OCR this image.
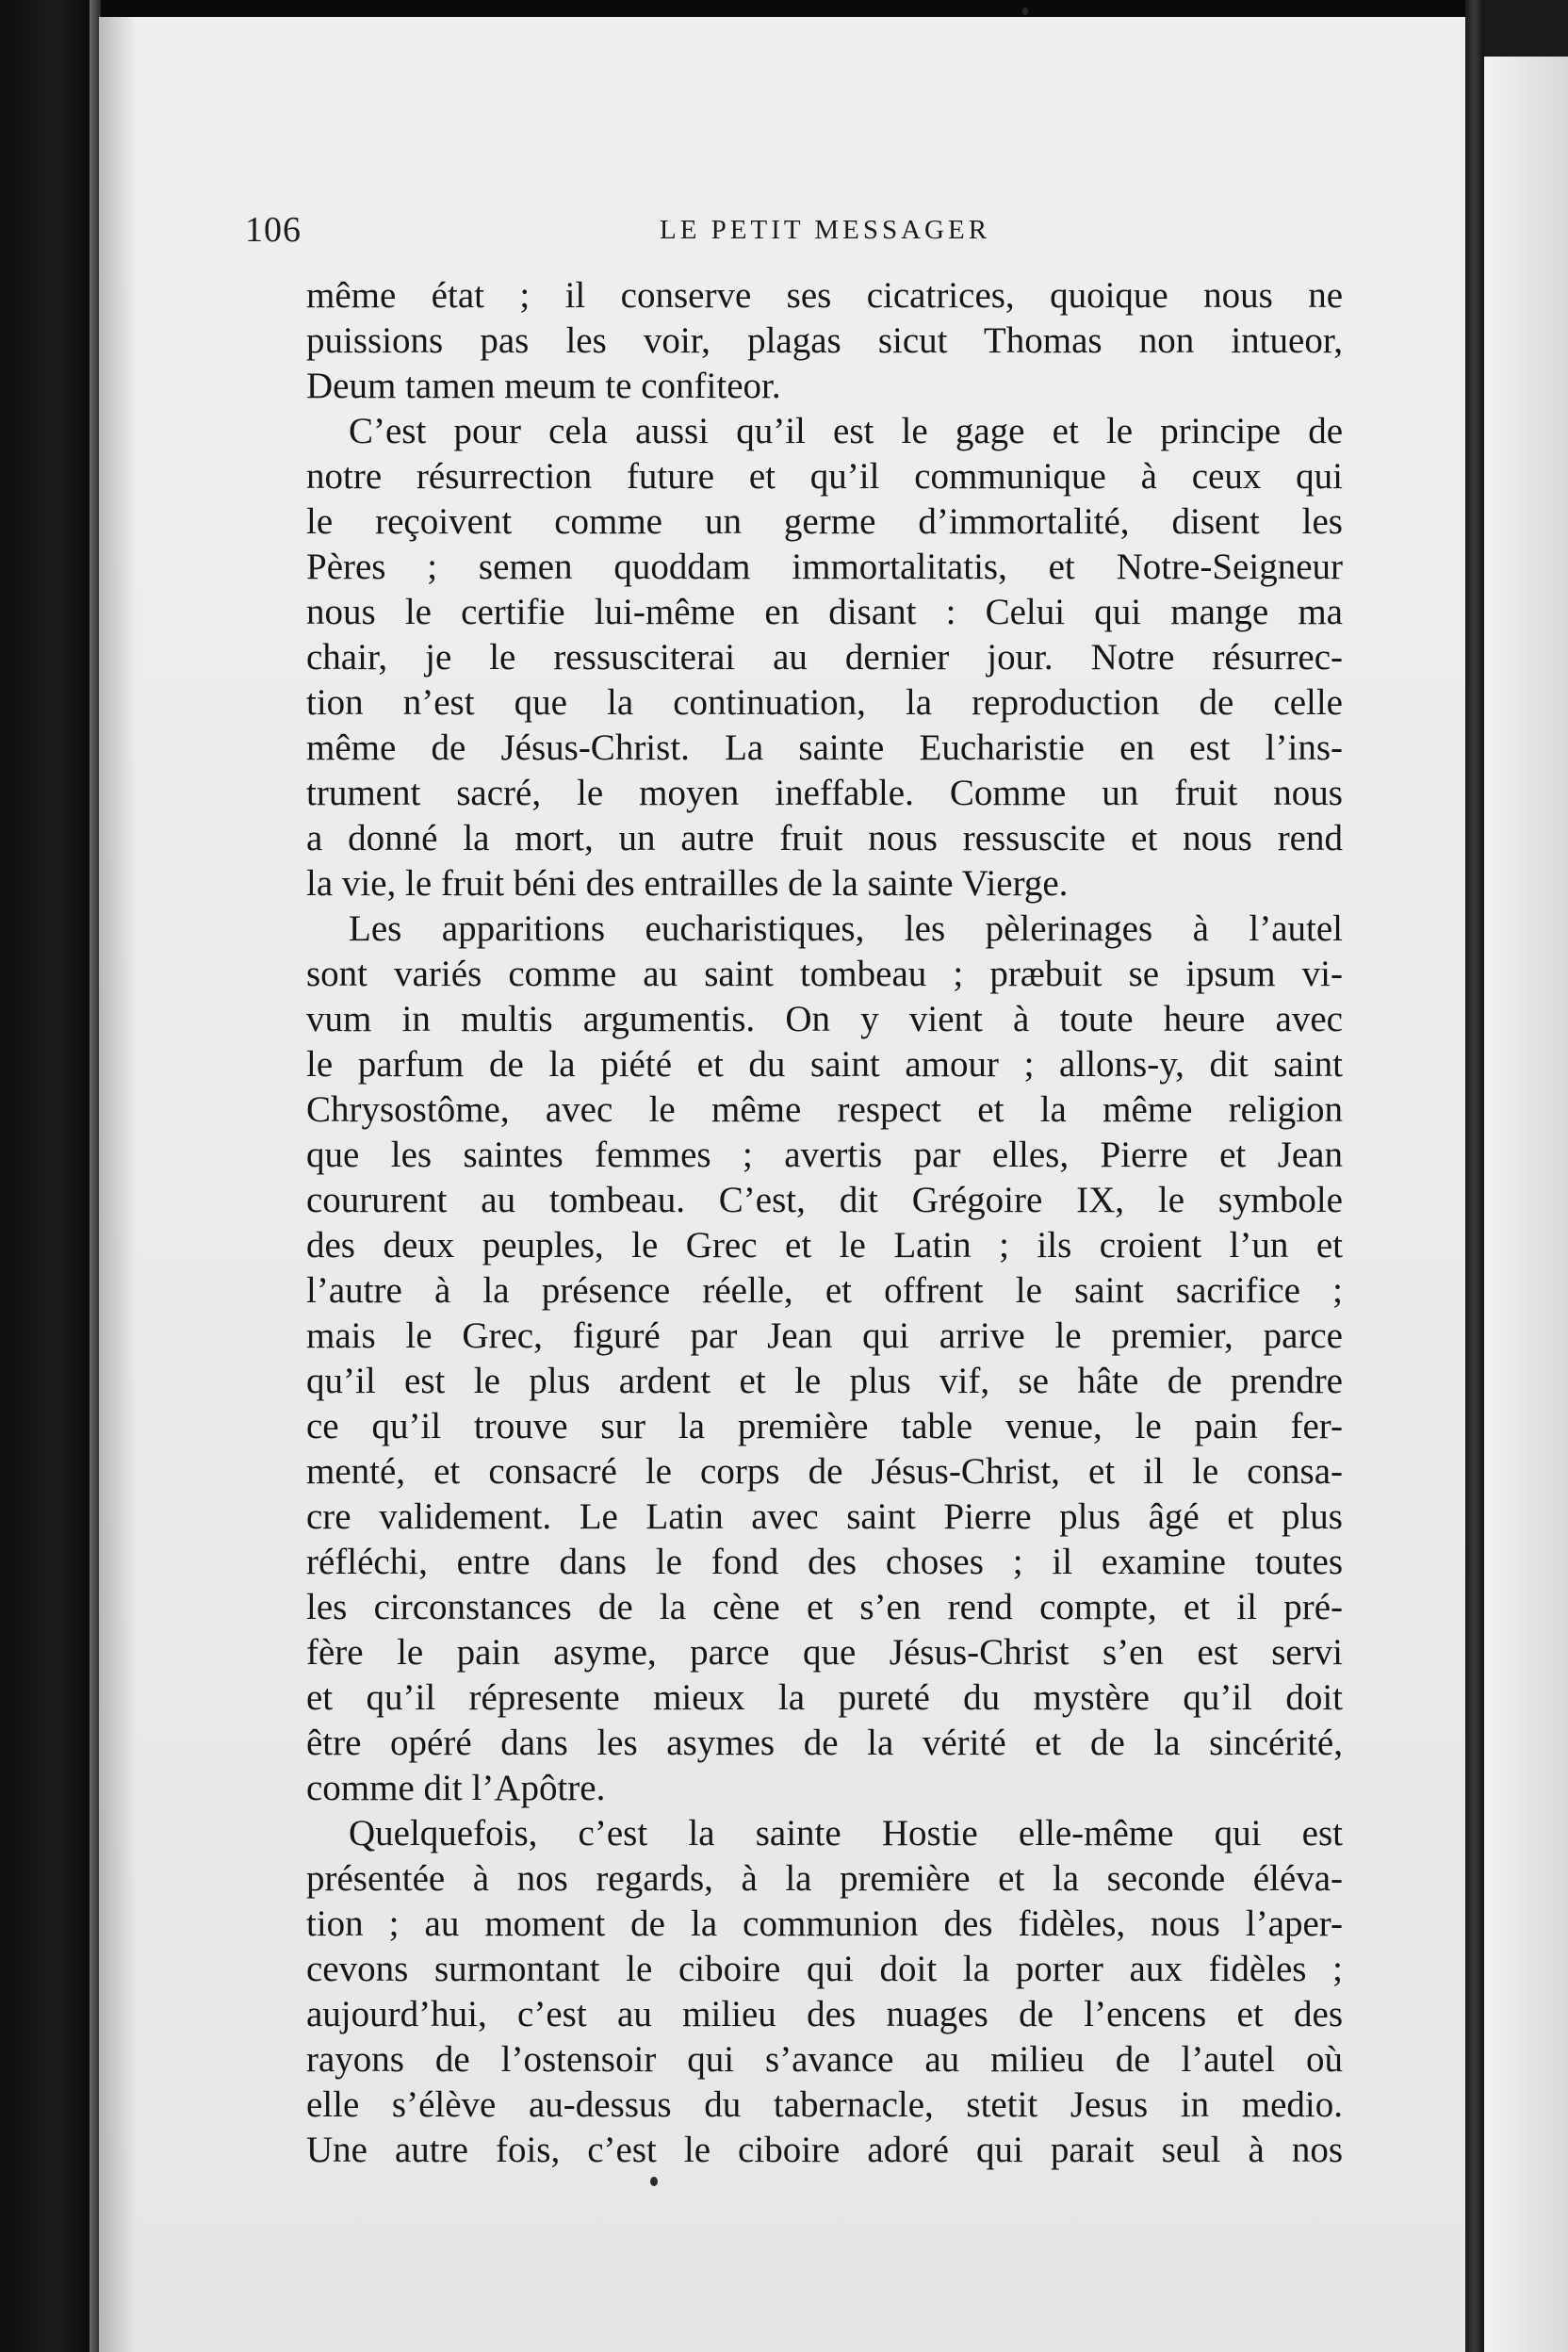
106	LE PETIT MESSAGER
même état ; il conserve ses cicatrices, quoique nous ne
puissions pas les voir, plagas sicut Thomas non intueor,
Deum tamen meum te confiteor.
C’est pour cela aussi qu’il est le gage et le principe de
notre résurrection future et qu’il communique à ceux qui
le reçoivent comme un germe d’immortalité, disent les
Pères ; semen quoddam immortalitatis, et Notre-Seigneur
nous le certifie lui-même en disant : Celui qui mange ma
chair, je le ressusciterai au dernier jour. Notre résurrec-
tion n’est que la continuation, la reproduction de celle
même de Jésus-Christ. La sainte Eucharistie en est l’ins-
trument sacré, le moyen ineffable. Comme un fruit nous
a donné la mort, un autre fruit nous ressuscite et nous rend
la vie, le fruit béni des entrailles de la sainte Vierge.
Les apparitions eucharistiques, les pèlerinages à l’autel
sont variés comme au saint tombeau ; præbuit se ipsum vi-
vum in multis argumentis. On y vient à toute heure avec
le parfum de la piété et du saint amour ; allons-y, dit saint
Chrysostôme, avec le même respect et la même religion
que les saintes femmes ; avertis par elles, Pierre et Jean
coururent au tombeau. C’est, dit Grégoire IX, le symbole
des deux peuples, le Grec et le Latin ; ils croient l’un et
l’autre à la présence réelle, et offrent le saint sacrifice ;
mais le Grec, figuré par Jean qui arrive le premier, parce
qu’il est le plus ardent et le plus vif, se hâte de prendre
ce qu’il trouve sur la première table venue, le pain fer-
menté, et consacré le corps de Jésus-Christ, et il le consa-
cre validement. Le Latin avec saint Pierre plus âgé et plus
réfléchi, entre dans le fond des choses ; il examine toutes
les circonstances de la cène et s’en rend compte, et il pré-
fère le pain asyme, parce que Jésus-Christ s’en est servi
et qu’il répresente mieux la pureté du mystère qu’il doit
être opéré dans les asymes de la vérité et de la sincérité,
comme dit l’Apôtre.
Quelquefois, c’est la sainte Hostie elle-même qui est
présentée à nos regards, à la première et la seconde éléva-
tion ; au moment de la communion des fidèles, nous l’aper-
cevons surmontant le ciboire qui doit la porter aux fidèles ;
aujourd’hui, c’est au milieu des nuages de l’encens et des
rayons de l’ostensoir qui s’avance au milieu de l’autel où
elle s’élève au-dessus du tabernacle, stetit Jesus in medio.
Une autre fois, c’est le ciboire adoré qui parait seul à nos
